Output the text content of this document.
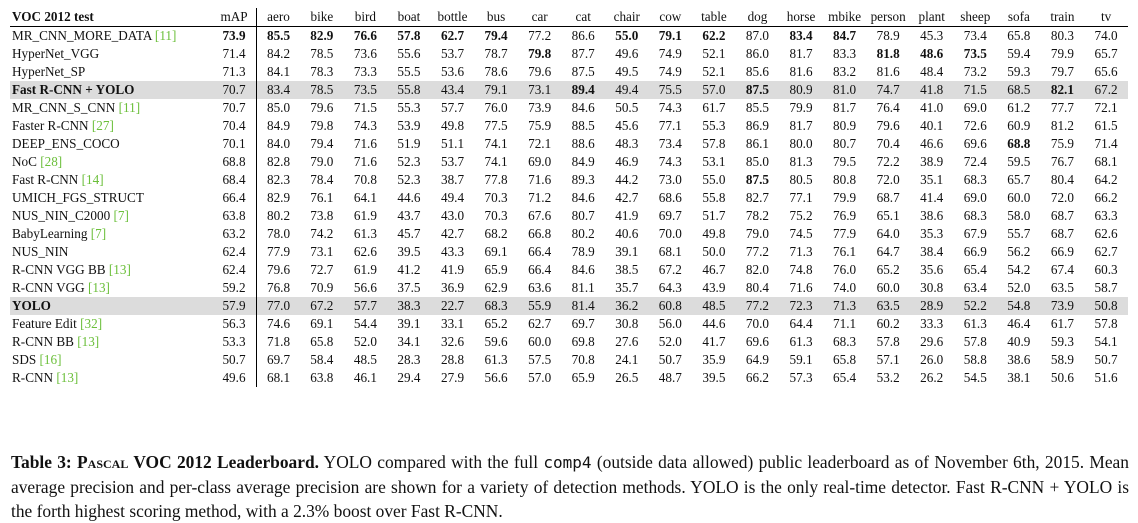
VOC 2012 test	mAP	aero	bike	bird	boat	bottle	bus	car	cat	chair	cow	table	dog	horse	mbike	person	plant	sheep	sofa	train	tv
MR_CNN_MORE_DATA [11]	73.9	85.5	82.9	76.6	57.8	62.7	79.4	77.2	86.6	55.0	79.1	62.2	87.0	83.4	84.7	78.9	45.3	73.4	65.8	80.3	74.0
HyperNet_VGG	71.4	84.2	78.5	73.6	55.6	53.7	78.7	79.8	87.7	49.6	74.9	52.1	86.0	81.7	83.3	81.8	48.6	73.5	59.4	79.9	65.7
HyperNet_SP	71.3	84.1	78.3	73.3	55.5	53.6	78.6	79.6	87.5	49.5	74.9	52.1	85.6	81.6	83.2	81.6	48.4	73.2	59.3	79.7	65.6
Fast R-CNN + YOLO	70.7	83.4	78.5	73.5	55.8	43.4	79.1	73.1	89.4	49.4	75.5	57.0	87.5	80.9	81.0	74.7	41.8	71.5	68.5	82.1	67.2
MR_CNN_S_CNN [11]	70.7	85.0	79.6	71.5	55.3	57.7	76.0	73.9	84.6	50.5	74.3	61.7	85.5	79.9	81.7	76.4	41.0	69.0	61.2	77.7	72.1
Faster R-CNN [27]	70.4	84.9	79.8	74.3	53.9	49.8	77.5	75.9	88.5	45.6	77.1	55.3	86.9	81.7	80.9	79.6	40.1	72.6	60.9	81.2	61.5
DEEP_ENS_COCO	70.1	84.0	79.4	71.6	51.9	51.1	74.1	72.1	88.6	48.3	73.4	57.8	86.1	80.0	80.7	70.4	46.6	69.6	68.8	75.9	71.4
NoC [28]	68.8	82.8	79.0	71.6	52.3	53.7	74.1	69.0	84.9	46.9	74.3	53.1	85.0	81.3	79.5	72.2	38.9	72.4	59.5	76.7	68.1
Fast R-CNN [14]	68.4	82.3	78.4	70.8	52.3	38.7	77.8	71.6	89.3	44.2	73.0	55.0	87.5	80.5	80.8	72.0	35.1	68.3	65.7	80.4	64.2
UMICH_FGS_STRUCT	66.4	82.9	76.1	64.1	44.6	49.4	70.3	71.2	84.6	42.7	68.6	55.8	82.7	77.1	79.9	68.7	41.4	69.0	60.0	72.0	66.2
NUS_NIN_C2000 [7]	63.8	80.2	73.8	61.9	43.7	43.0	70.3	67.6	80.7	41.9	69.7	51.7	78.2	75.2	76.9	65.1	38.6	68.3	58.0	68.7	63.3
BabyLearning [7]	63.2	78.0	74.2	61.3	45.7	42.7	68.2	66.8	80.2	40.6	70.0	49.8	79.0	74.5	77.9	64.0	35.3	67.9	55.7	68.7	62.6
NUS_NIN	62.4	77.9	73.1	62.6	39.5	43.3	69.1	66.4	78.9	39.1	68.1	50.0	77.2	71.3	76.1	64.7	38.4	66.9	56.2	66.9	62.7
R-CNN VGG BB [13]	62.4	79.6	72.7	61.9	41.2	41.9	65.9	66.4	84.6	38.5	67.2	46.7	82.0	74.8	76.0	65.2	35.6	65.4	54.2	67.4	60.3
R-CNN VGG [13]	59.2	76.8	70.9	56.6	37.5	36.9	62.9	63.6	81.1	35.7	64.3	43.9	80.4	71.6	74.0	60.0	30.8	63.4	52.0	63.5	58.7
YOLO	57.9	77.0	67.2	57.7	38.3	22.7	68.3	55.9	81.4	36.2	60.8	48.5	77.2	72.3	71.3	63.5	28.9	52.2	54.8	73.9	50.8
Feature Edit [32]	56.3	74.6	69.1	54.4	39.1	33.1	65.2	62.7	69.7	30.8	56.0	44.6	70.0	64.4	71.1	60.2	33.3	61.3	46.4	61.7	57.8
R-CNN BB [13]	53.3	71.8	65.8	52.0	34.1	32.6	59.6	60.0	69.8	27.6	52.0	41.7	69.6	61.3	68.3	57.8	29.6	57.8	40.9	59.3	54.1
SDS [16]	50.7	69.7	58.4	48.5	28.3	28.8	61.3	57.5	70.8	24.1	50.7	35.9	64.9	59.1	65.8	57.1	26.0	58.8	38.6	58.9	50.7
R-CNN [13]	49.6	68.1	63.8	46.1	29.4	27.9	56.6	57.0	65.9	26.5	48.7	39.5	66.2	57.3	65.4	53.2	26.2	54.5	38.1	50.6	51.6

Table 3: Pascal VOC 2012 Leaderboard. YOLO compared with the full comp4 (outside data allowed) public leaderboard as of November 6th, 2015. Mean average precision and per-class average precision are shown for a variety of detection methods. YOLO is the only real-time detector. Fast R-CNN + YOLO is the forth highest scoring method, with a 2.3% boost over Fast R-CNN.
